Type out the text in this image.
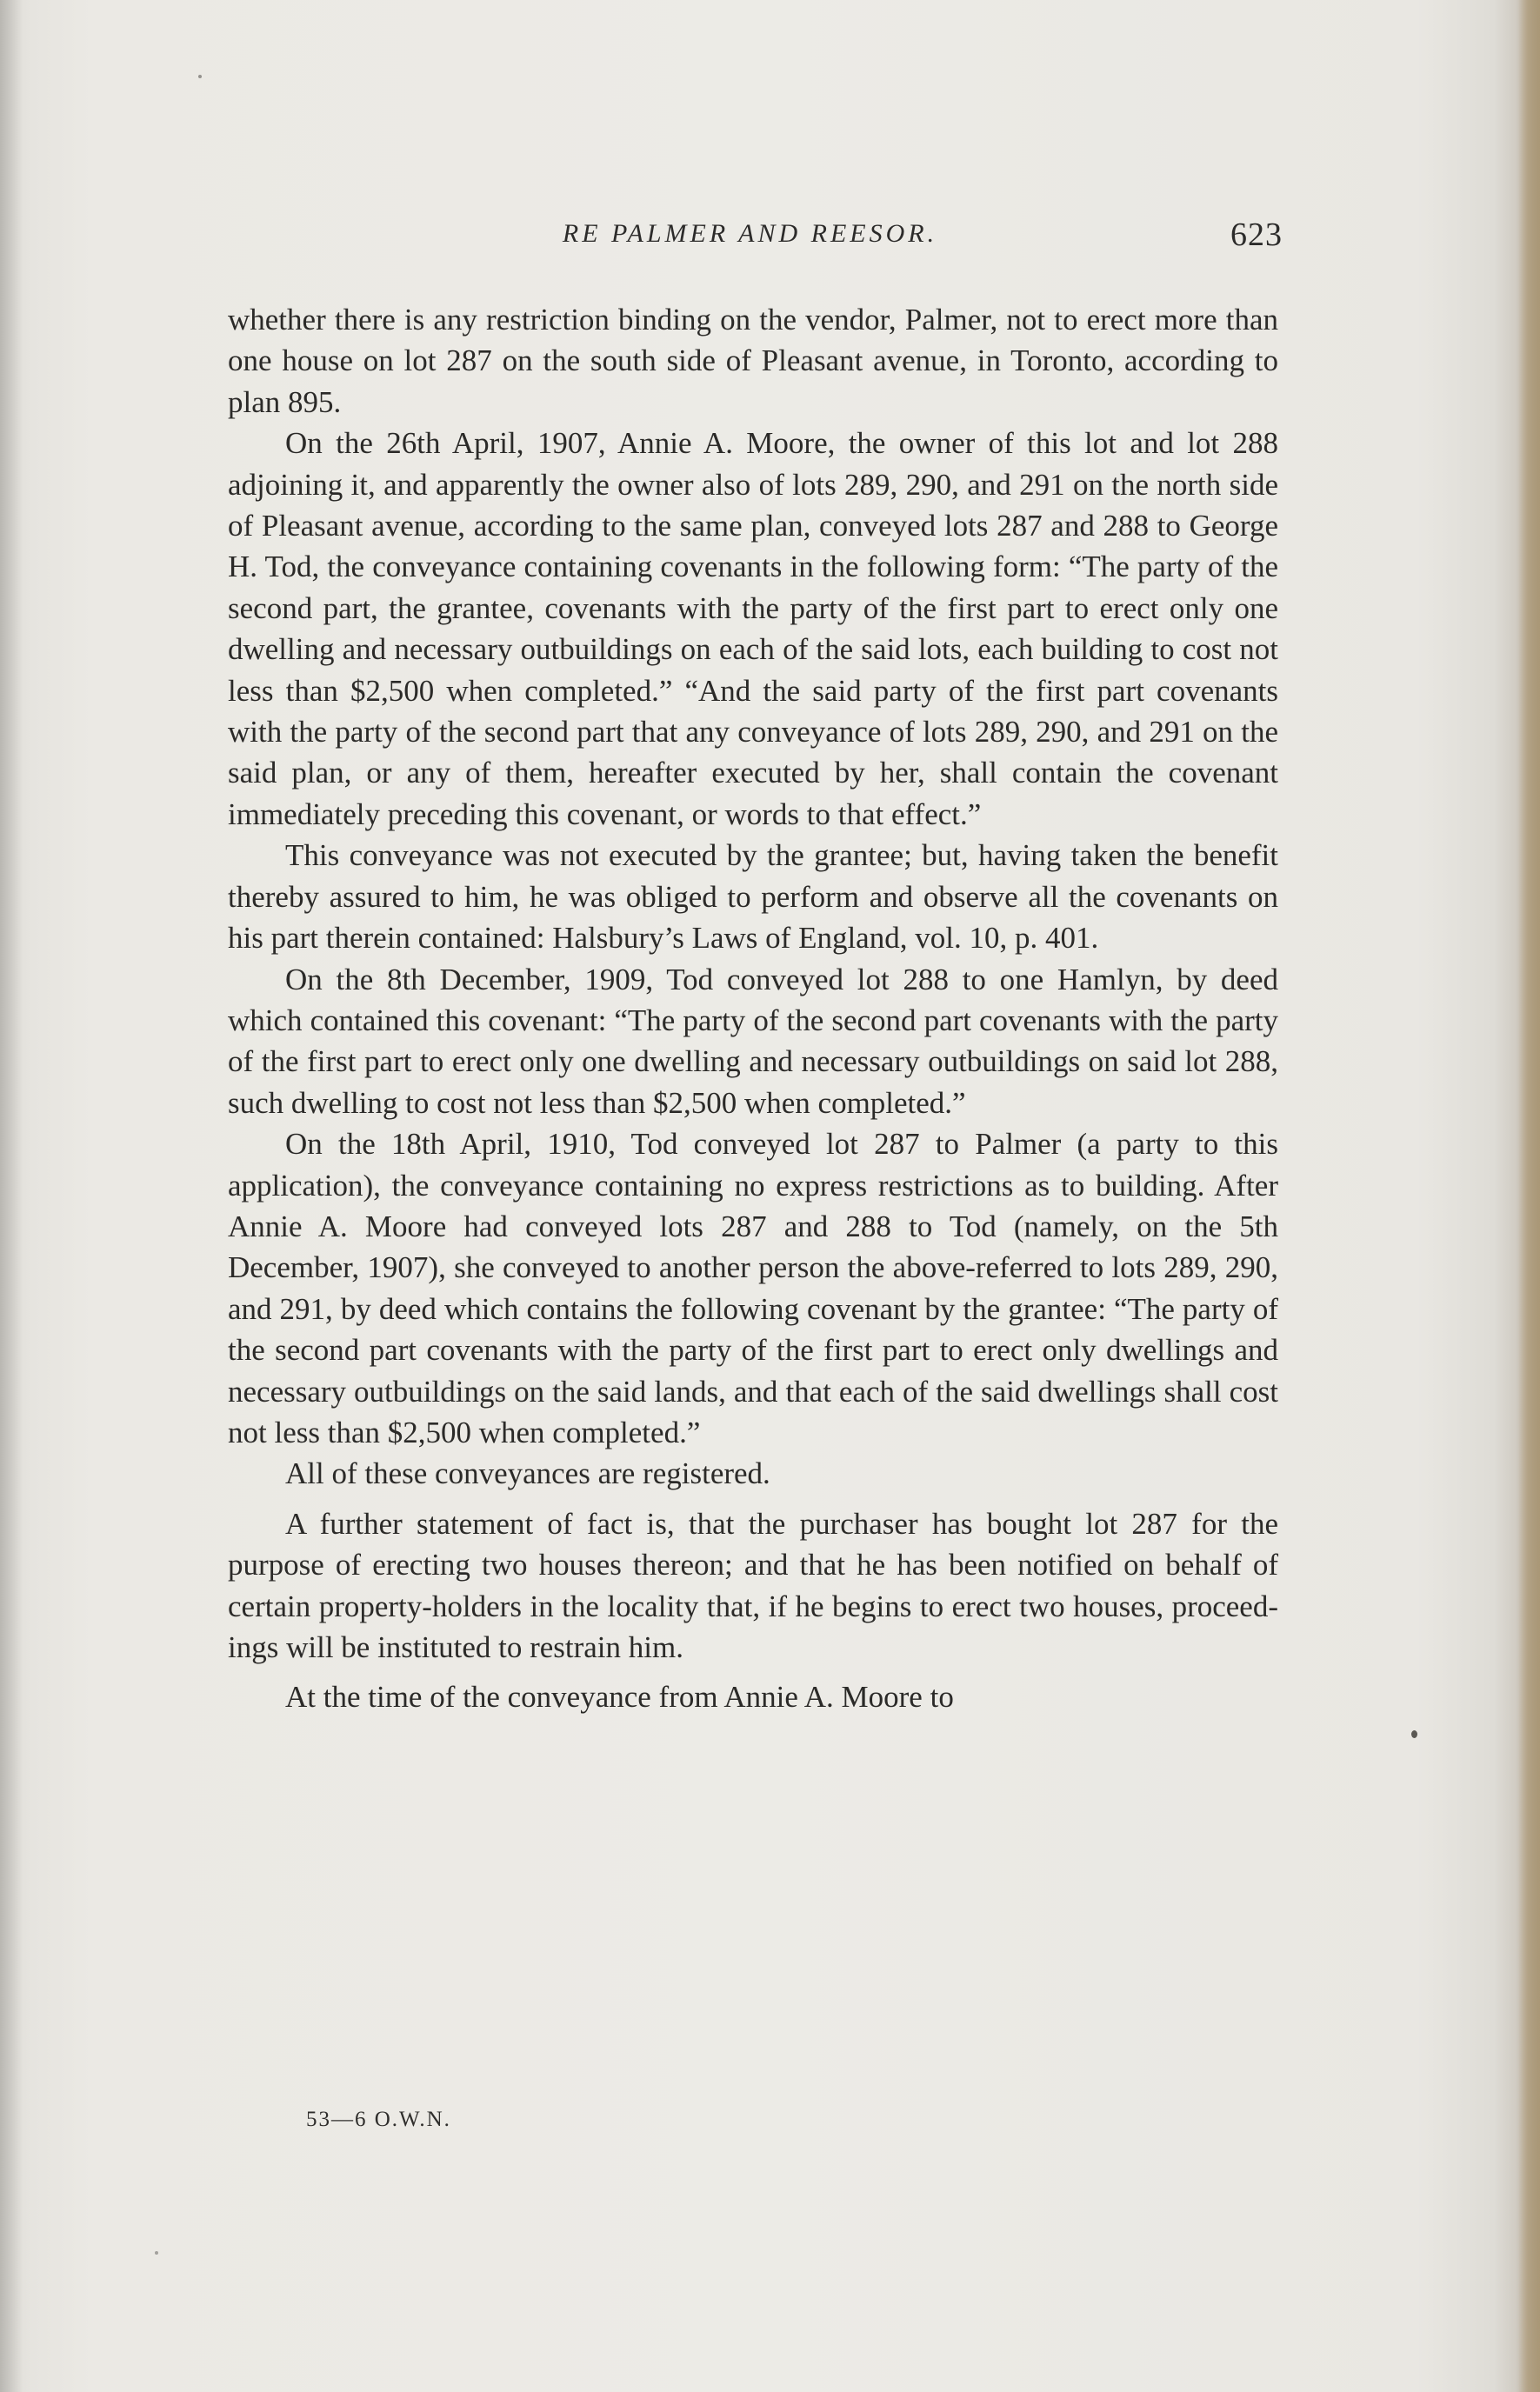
RE PALMER AND REESOR.	623

whether there is any restriction binding on the vendor, Palmer, not to erect more than one house on lot 287 on the south side of Pleasant avenue, in Toronto, according to plan 895.

On the 26th April, 1907, Annie A. Moore, the owner of this lot and lot 288 adjoining it, and apparently the owner also of lots 289, 290, and 291 on the north side of Pleasant avenue, according to the same plan, conveyed lots 287 and 288 to George H. Tod, the conveyance containing covenants in the following form: “The party of the second part, the grantee, covenants with the party of the first part to erect only one dwelling and necessary outbuildings on each of the said lots, each building to cost not less than $2,500 when completed.” “And the said party of the first part covenants with the party of the second part that any conveyance of lots 289, 290, and 291 on the said plan, or any of them, hereafter executed by her, shall contain the covenant immediately preceding this covenant, or words to that effect.”

This conveyance was not executed by the grantee; but, having taken the benefit thereby assured to him, he was obliged to perform and observe all the covenants on his part therein contained: Halsbury’s Laws of England, vol. 10, p. 401.

On the 8th December, 1909, Tod conveyed lot 288 to one Hamlyn, by deed which contained this covenant: “The party of the second part covenants with the party of the first part to erect only one dwelling and necessary outbuildings on said lot 288, such dwelling to cost not less than $2,500 when completed.”

On the 18th April, 1910, Tod conveyed lot 287 to Palmer (a party to this application), the conveyance containing no express restrictions as to building. After Annie A. Moore had conveyed lots 287 and 288 to Tod (namely, on the 5th December, 1907), she conveyed to another person the above-referred to lots 289, 290, and 291, by deed which contains the following covenant by the grantee: “The party of the second part covenants with the party of the first part to erect only dwellings and necessary outbuildings on the said lands, and that each of the said dwellings shall cost not less than $2,500 when completed.”

All of these conveyances are registered.

A further statement of fact is, that the purchaser has bought lot 287 for the purpose of erecting two houses thereon; and that he has been notified on behalf of certain property-holders in the locality that, if he begins to erect two houses, proceedings will be instituted to restrain him.

At the time of the conveyance from Annie A. Moore to

53—6 O.W.N.
